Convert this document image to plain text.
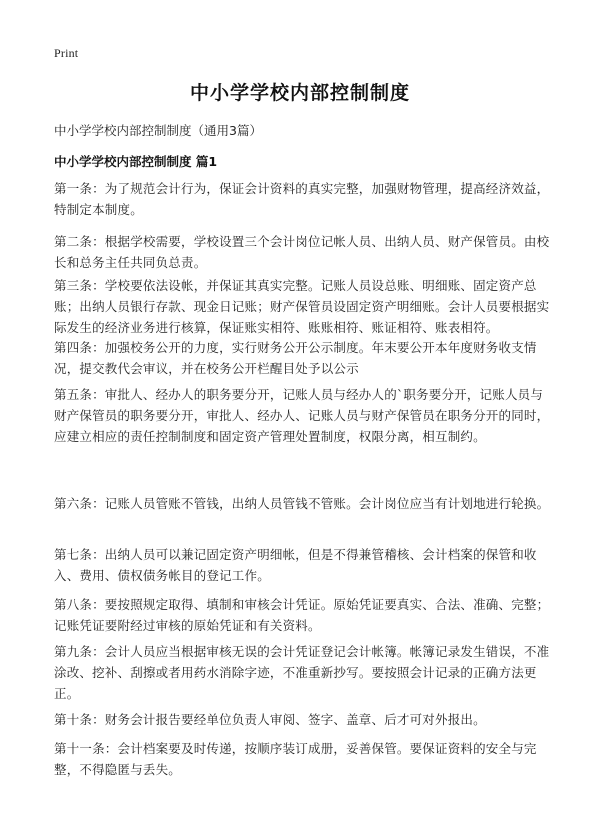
Print
中小学学校内部控制制度
中小学学校内部控制制度（通用3篇）
中小学学校内部控制制度 篇1
第一条：为了规范会计行为，保证会计资料的真实完整，加强财物管理，提高经济效益，特制定本制度。
第二条：根据学校需要，学校设置三个会计岗位记帐人员、出纳人员、财产保管员。由校长和总务主任共同负总责。
第三条：学校要依法设帐，并保证其真实完整。记账人员设总账、明细账、固定资产总账；出纳人员银行存款、现金日记账；财产保管员设固定资产明细账。会计人员要根据实际发生的经济业务进行核算，保证账实相符、账账相符、账证相符、账表相符。
第四条：加强校务公开的力度，实行财务公开公示制度。年末要公开本年度财务收支情况，提交教代会审议，并在校务公开栏醒目处予以公示
第五条：审批人、经办人的职务要分开，记账人员与经办人的`职务要分开，记账人员与财产保管员的职务要分开，审批人、经办人、记账人员与财产保管员在职务分开的同时，应建立相应的责任控制制度和固定资产管理处置制度，权限分离，相互制约。
第六条：记账人员管账不管钱，出纳人员管钱不管账。会计岗位应当有计划地进行轮换。
第七条：出纳人员可以兼记固定资产明细帐，但是不得兼管稽核、会计档案的保管和收入、费用、债权债务帐目的登记工作。
第八条：要按照规定取得、填制和审核会计凭证。原始凭证要真实、合法、准确、完整；记账凭证要附经过审核的原始凭证和有关资料。
第九条：会计人员应当根据审核无误的会计凭证登记会计帐簿。帐簿记录发生错误，不准涂改、挖补、刮擦或者用药水消除字迹，不准重新抄写。要按照会计记录的正确方法更正。
第十条：财务会计报告要经单位负责人审阅、签字、盖章、后才可对外报出。
第十一条：会计档案要及时传递，按顺序装订成册，妥善保管。要保证资料的安全与完整，不得隐匿与丢失。
